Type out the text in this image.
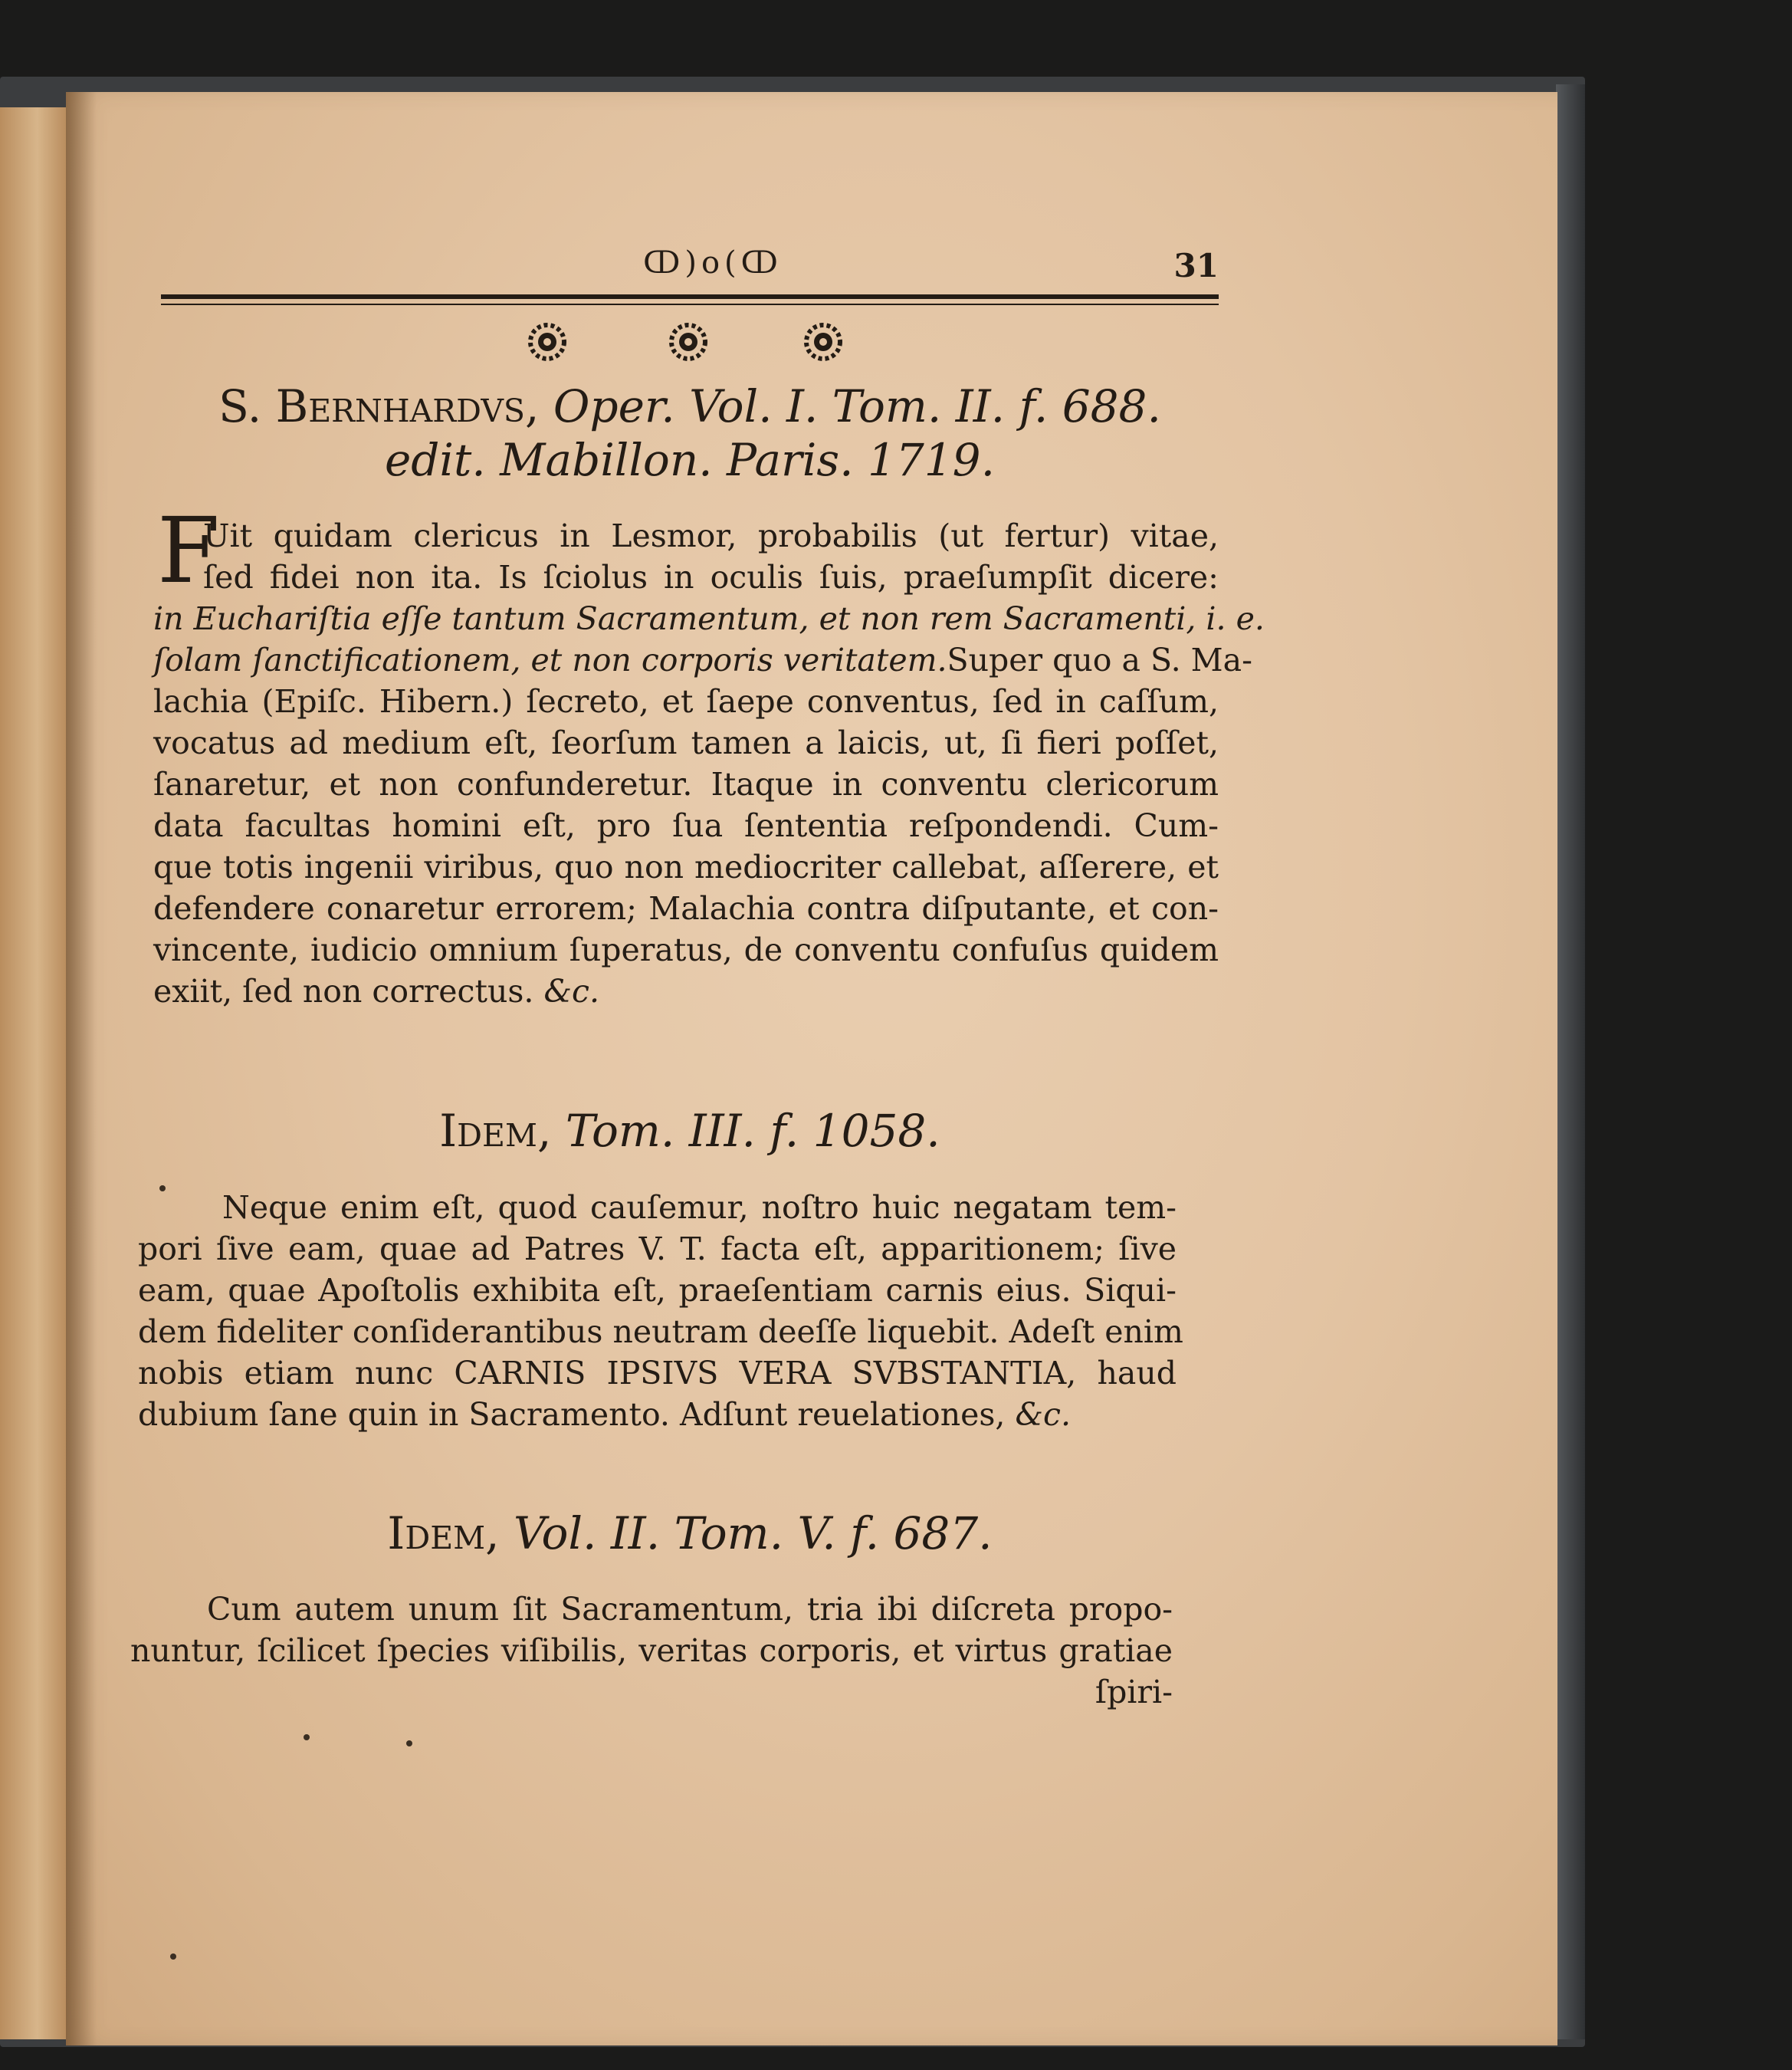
ↀ)o(ↀ	31
S. Bernhardvs, Oper. Vol. I. Tom. II. f. 688.
edit. Mabillon. Paris. 1719.
F
Uit quidam clericus in Lesmor, probabilis (ut fertur) vitae,
ſed fidei non ita. Is ſciolus in oculis ſuis, praeſumpſit dicere:
in Euchariſtia eſſe tantum Sacramentum, et non rem Sacramenti, i. e.
ſolam ſanctificationem, et non corporis veritatem. Super quo a S. Ma-
lachia (Epiſc. Hibern.) ſecreto, et ſaepe conventus, ſed in caſſum,
vocatus ad medium eſt, ſeorſum tamen a laicis, ut, ſi fieri poſſet,
ſanaretur, et non confunderetur. Itaque in conventu clericorum
data facultas homini eſt, pro ſua ſententia reſpondendi. Cum-
que totis ingenii viribus, quo non mediocriter callebat, aſſerere, et
defendere conaretur errorem; Malachia contra diſputante, et con-
vincente, iudicio omnium ſuperatus, de conventu confuſus quidem
exiit, ſed non correctus. &c.
Idem, Tom. III. f. 1058.
Neque enim eſt, quod cauſemur, noſtro huic negatam tem-
pori ſive eam, quae ad Patres V. T. facta eſt, apparitionem; ſive
eam, quae Apoſtolis exhibita eſt, praeſentiam carnis eius. Siqui-
dem fideliter conſiderantibus neutram deeſſe liquebit. Adeſt enim
nobis etiam nunc CARNIS IPSIVS VERA SVBSTANTIA, haud
dubium ſane quin in Sacramento. Adſunt reuelationes, &c.
Idem, Vol. II. Tom. V. f. 687.
Cum autem unum ſit Sacramentum, tria ibi diſcreta propo-
nuntur, ſcilicet ſpecies viſibilis, veritas corporis, et virtus gratiae
ſpiri-
